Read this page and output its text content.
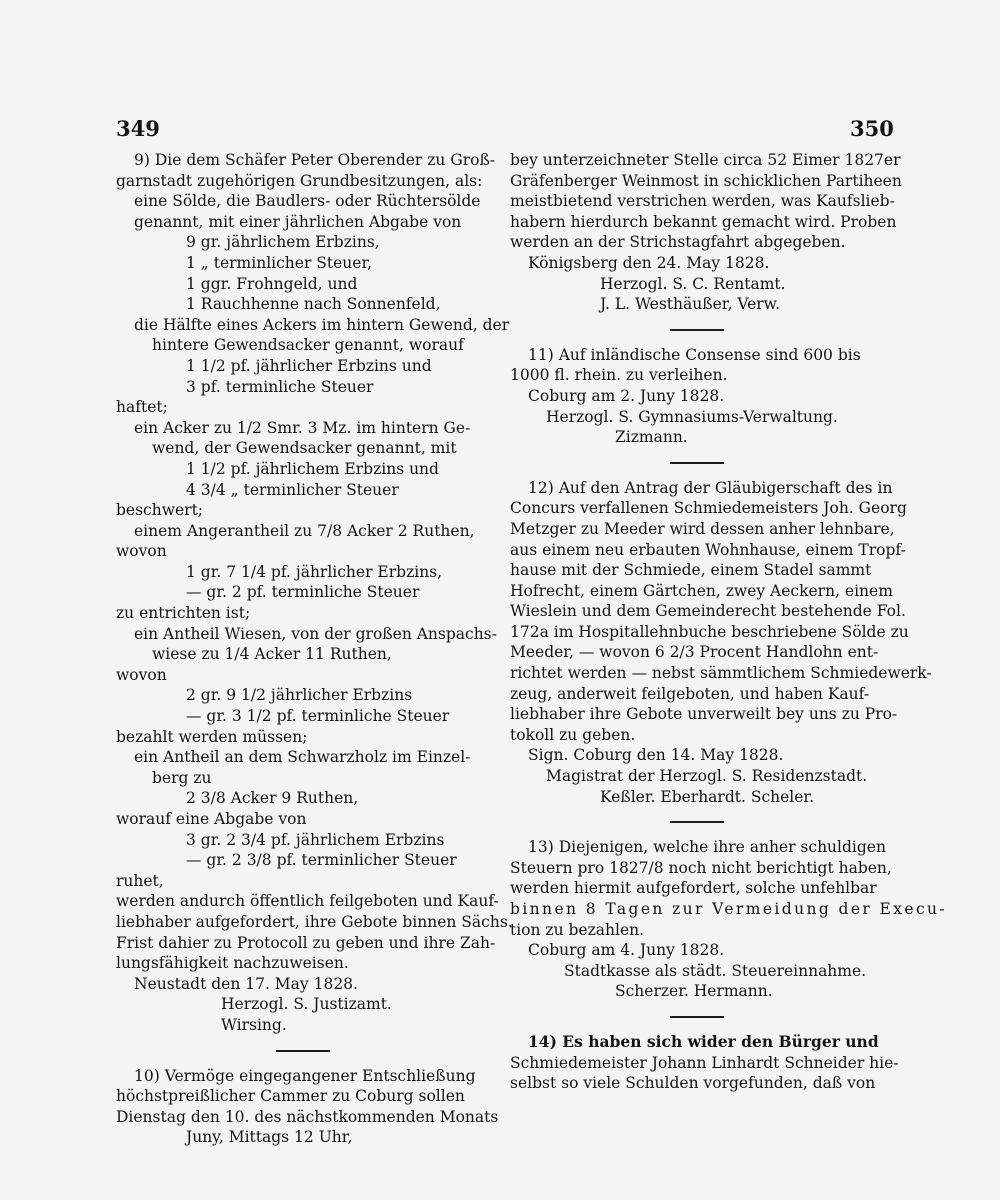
349	350
9) Die dem Schäfer Peter Oberender zu Groß-
garnstadt zugehörigen Grundbesitzungen, als:
eine Sölde, die Baudlers- oder Rüchtersölde
genannt, mit einer jährlichen Abgabe von
9 gr. jährlichem Erbzins,
1 „ terminlicher Steuer,
1 ggr. Frohngeld, und
1 Rauchhenne nach Sonnenfeld,
die Hälfte eines Ackers im hintern Gewend, der
hintere Gewendsacker genannt, worauf
1 1/2 pf. jährlicher Erbzins und
3 pf. terminliche Steuer
haftet;
ein Acker zu 1/2 Smr. 3 Mz. im hintern Ge-
wend, der Gewendsacker genannt, mit
1 1/2 pf. jährlichem Erbzins und
4 3/4 „ terminlicher Steuer
beschwert;
einem Angerantheil zu 7/8 Acker 2 Ruthen,
wovon
1 gr. 7 1/4 pf. jährlicher Erbzins,
— gr. 2 pf. terminliche Steuer
zu entrichten ist;
ein Antheil Wiesen, von der großen Anspachs-
wiese zu 1/4 Acker 11 Ruthen,
wovon
2 gr. 9 1/2 jährlicher Erbzins
— gr. 3 1/2 pf. terminliche Steuer
bezahlt werden müssen;
ein Antheil an dem Schwarzholz im Einzel-
berg zu
2 3/8 Acker 9 Ruthen,
worauf eine Abgabe von
3 gr. 2 3/4 pf. jährlichem Erbzins
— gr. 2 3/8 pf. terminlicher Steuer
ruhet,
werden andurch öffentlich feilgeboten und Kauf-
liebhaber aufgefordert, ihre Gebote binnen Sächs.
Frist dahier zu Protocoll zu geben und ihre Zah-
lungsfähigkeit nachzuweisen.
Neustadt den 17. May 1828.
Herzogl. S. Justizamt.
Wirsing.
10) Vermöge eingegangener Entschließung
höchstpreißlicher Cammer zu Coburg sollen
Dienstag den 10. des nächstkommenden Monats
Juny, Mittags 12 Uhr,
bey unterzeichneter Stelle circa 52 Eimer 1827er
Gräfenberger Weinmost in schicklichen Partiheen
meistbietend verstrichen werden, was Kaufslieb-
habern hierdurch bekannt gemacht wird. Proben
werden an der Strichstagfahrt abgegeben.
Königsberg den 24. May 1828.
Herzogl. S. C. Rentamt.
J. L. Westhäußer, Verw.
11) Auf inländische Consense sind 600 bis
1000 fl. rhein. zu verleihen.
Coburg am 2. Juny 1828.
Herzogl. S. Gymnasiums-Verwaltung.
Zizmann.
12) Auf den Antrag der Gläubigerschaft des in
Concurs verfallenen Schmiedemeisters Joh. Georg
Metzger zu Meeder wird dessen anher lehnbare,
aus einem neu erbauten Wohnhause, einem Tropf-
hause mit der Schmiede, einem Stadel sammt
Hofrecht, einem Gärtchen, zwey Aeckern, einem
Wieslein und dem Gemeinderecht bestehende Fol.
172a im Hospitallehnbuche beschriebene Sölde zu
Meeder, — wovon 6 2/3 Procent Handlohn ent-
richtet werden — nebst sämmtlichem Schmiedewerk-
zeug, anderweit feilgeboten, und haben Kauf-
liebhaber ihre Gebote unverweilt bey uns zu Pro-
tokoll zu geben.
Sign. Coburg den 14. May 1828.
Magistrat der Herzogl. S. Residenzstadt.
Keßler. Eberhardt. Scheler.
13) Diejenigen, welche ihre anher schuldigen
Steuern pro 1827/8 noch nicht berichtigt haben,
werden hiermit aufgefordert, solche unfehlbar
binnen 8 Tagen zur Vermeidung der Execu-
tion zu bezahlen.
Coburg am 4. Juny 1828.
Stadtkasse als städt. Steuereinnahme.
Scherzer. Hermann.
14) Es haben sich wider den Bürger und
Schmiedemeister Johann Linhardt Schneider hie-
selbst so viele Schulden vorgefunden, daß von
